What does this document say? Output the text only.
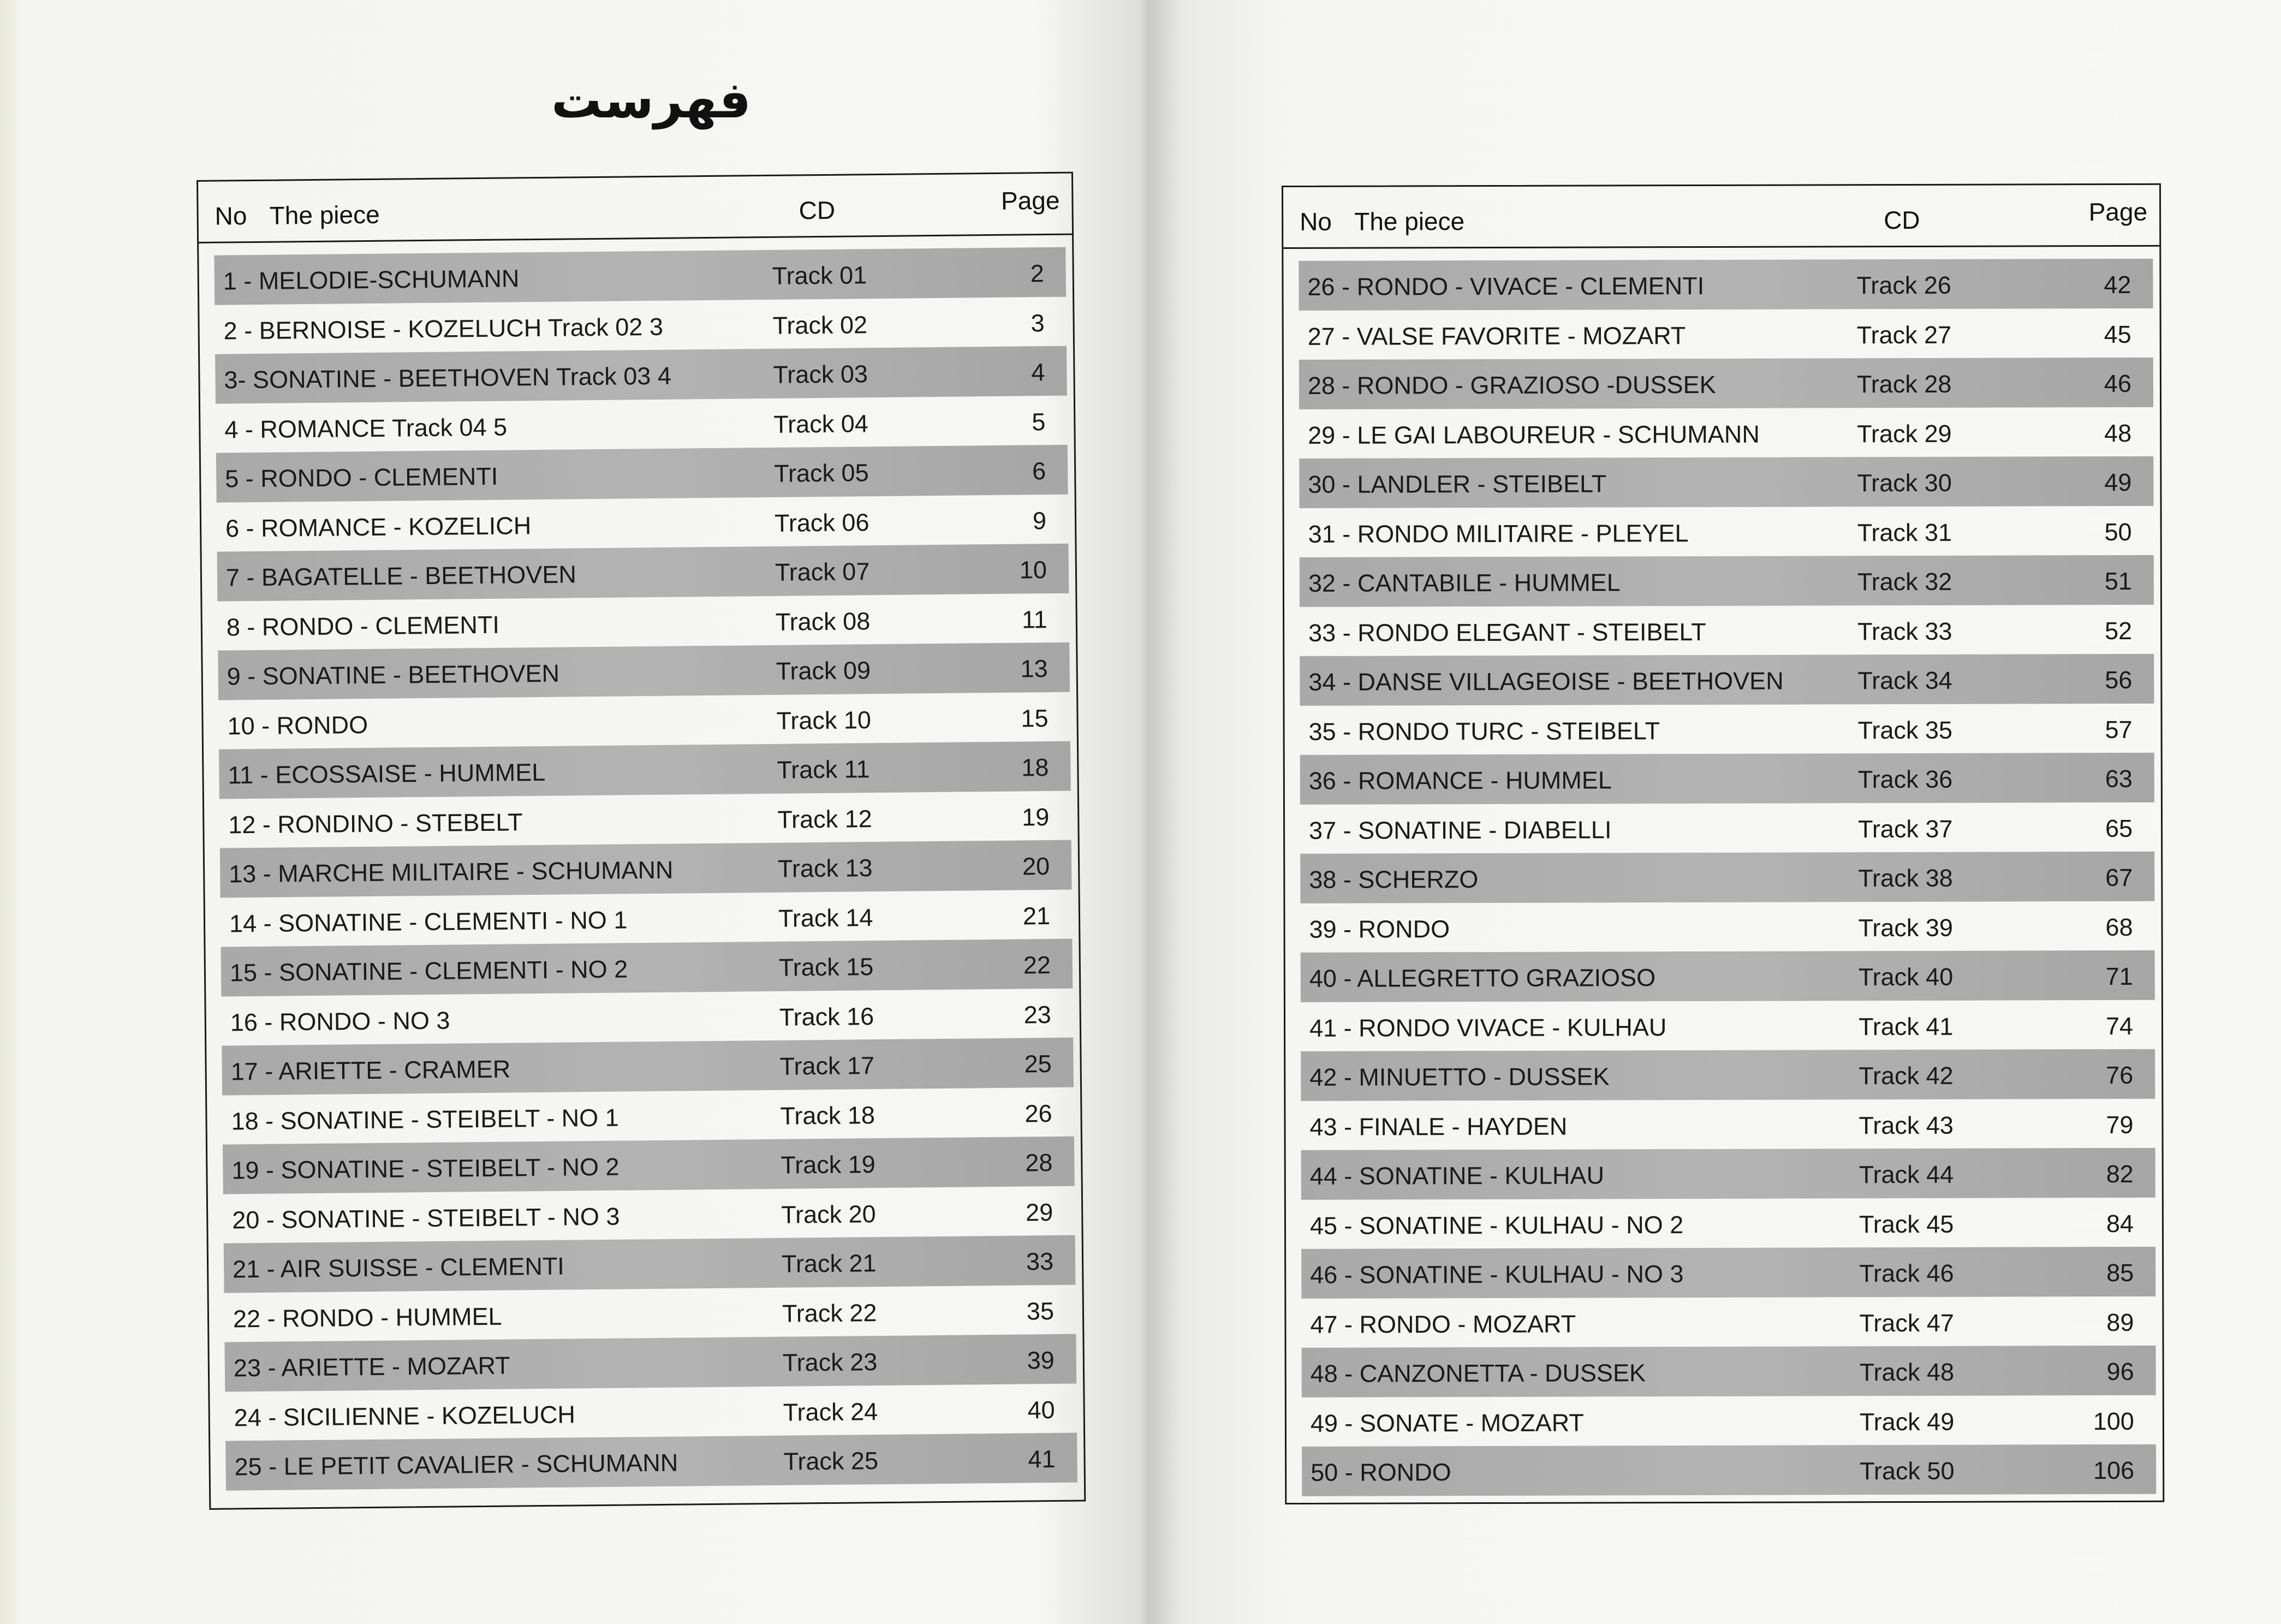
فهرست
No The piece	CD	Page
1 - MELODIE-SCHUMANN	Track 01	2
2 - BERNOISE - KOZELUCH Track 02 3	Track 02	3
3- SONATINE - BEETHOVEN Track 03 4	Track 03	4
4 - ROMANCE Track 04 5	Track 04	5
5 - RONDO - CLEMENTI	Track 05	6
6 - ROMANCE - KOZELICH	Track 06	9
7 - BAGATELLE - BEETHOVEN	Track 07	10
8 - RONDO - CLEMENTI	Track 08	11
9 - SONATINE - BEETHOVEN	Track 09	13
10 - RONDO	Track 10	15
11 - ECOSSAISE - HUMMEL	Track 11	18
12 - RONDINO - STEBELT	Track 12	19
13 - MARCHE MILITAIRE - SCHUMANN	Track 13	20
14 - SONATINE - CLEMENTI - NO 1	Track 14	21
15 - SONATINE - CLEMENTI - NO 2	Track 15	22
16 - RONDO - NO 3	Track 16	23
17 - ARIETTE - CRAMER	Track 17	25
18 - SONATINE - STEIBELT - NO 1	Track 18	26
19 - SONATINE - STEIBELT - NO 2	Track 19	28
20 - SONATINE - STEIBELT - NO 3	Track 20	29
21 - AIR SUISSE - CLEMENTI	Track 21	33
22 - RONDO - HUMMEL	Track 22	35
23 - ARIETTE - MOZART	Track 23	39
24 - SICILIENNE - KOZELUCH	Track 24	40
25 - LE PETIT CAVALIER - SCHUMANN	Track 25	41
No The piece	CD	Page
26 - RONDO - VIVACE - CLEMENTI	Track 26	42
27 - VALSE FAVORITE - MOZART	Track 27	45
28 - RONDO - GRAZIOSO -DUSSEK	Track 28	46
29 - LE GAI LABOUREUR - SCHUMANN	Track 29	48
30 - LANDLER - STEIBELT	Track 30	49
31 - RONDO MILITAIRE - PLEYEL	Track 31	50
32 - CANTABILE - HUMMEL	Track 32	51
33 - RONDO ELEGANT - STEIBELT	Track 33	52
34 - DANSE VILLAGEOISE - BEETHOVEN	Track 34	56
35 - RONDO TURC - STEIBELT	Track 35	57
36 - ROMANCE - HUMMEL	Track 36	63
37 - SONATINE - DIABELLI	Track 37	65
38 - SCHERZO	Track 38	67
39 - RONDO	Track 39	68
40 - ALLEGRETTO GRAZIOSO	Track 40	71
41 - RONDO VIVACE - KULHAU	Track 41	74
42 - MINUETTO - DUSSEK	Track 42	76
43 - FINALE - HAYDEN	Track 43	79
44 - SONATINE - KULHAU	Track 44	82
45 - SONATINE - KULHAU - NO 2	Track 45	84
46 - SONATINE - KULHAU - NO 3	Track 46	85
47 - RONDO - MOZART	Track 47	89
48 - CANZONETTA - DUSSEK	Track 48	96
49 - SONATE - MOZART	Track 49	100
50 - RONDO	Track 50	106
